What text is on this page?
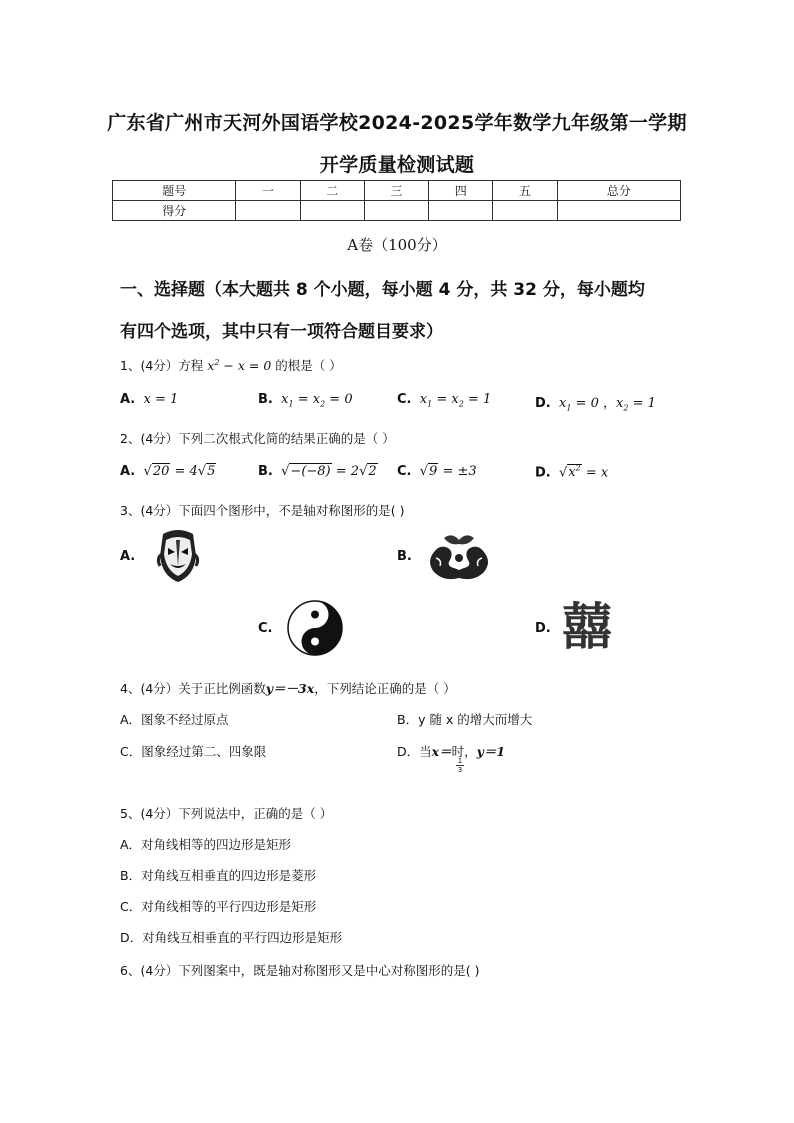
广东省广州市天河外国语学校2024-2025学年数学九年级第一学期
开学质量检测试题
题号	一	二	三	四	五	总分
得分						
A卷（100分）
一、选择题（本大题共 8 个小题，每小题 4 分，共 32 分，每小题均
有四个选项，其中只有一项符合题目要求）
1、(4分）方程 $x^2 - x = 0$ 的根是（ ）
A. x = 1	B. $x_1 = x_2 = 0$	C. $x_1 = x_2 = 1$	D. $x_1 = 0$ ，$x_2 = 1$
2、(4分）下列二次根式化简的结果正确的是（ ）
A. √20 = 4√5	B. √−(−8) = 2√2 C. √9 = ±3	D. $√x^2 = x$
3、(4分）下面四个图形中，不是轴对称图形的是( )
A.	B.
C.	D. 囍
4、(4分）关于正比例函数y＝－3x，下列结论正确的是（ ）
A．图象不经过原点	B．y 随 x 的增大而增大
C．图象经过第二、四象限	D．当x＝时，y＝1
$\frac{1}{3}$
5、(4分）下列说法中，正确的是（ ）
A．对角线相等的四边形是矩形
B．对角线互相垂直的四边形是菱形
C．对角线相等的平行四边形是矩形
D．对角线互相垂直的平行四边形是矩形
6、(4分）下列图案中，既是轴对称图形又是中心对称图形的是( )
